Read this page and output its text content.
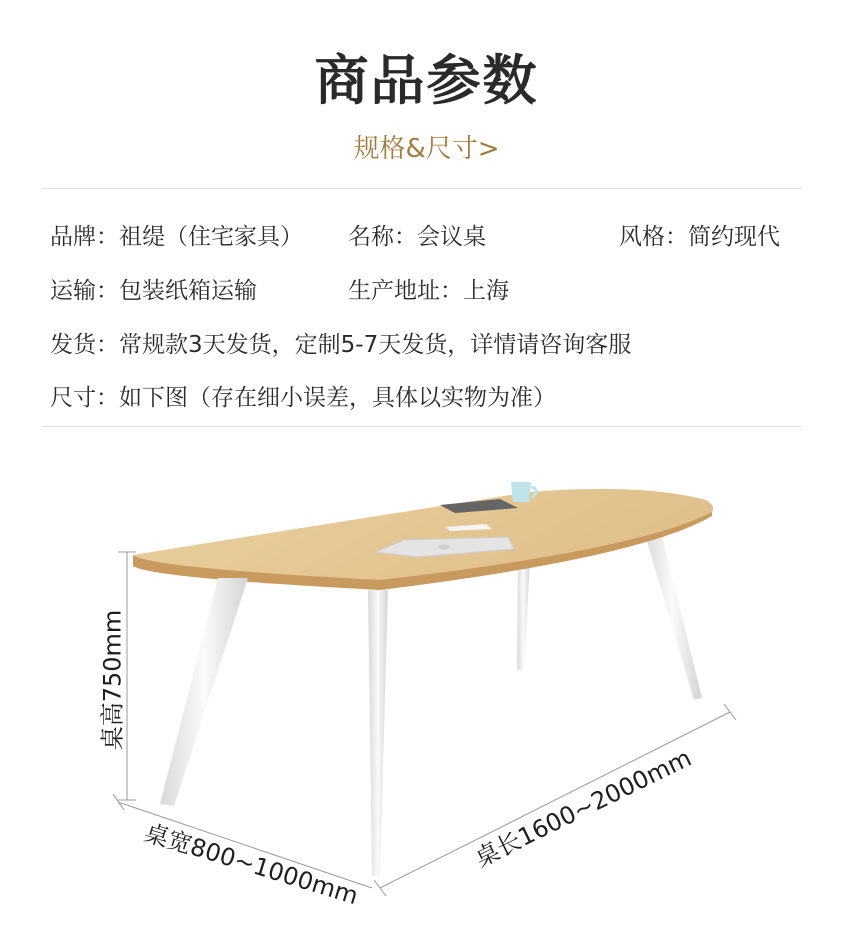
商品参数
规格&尺寸>
品牌：祖缇（住宅家具） 名称：会议桌	风格：简约现代
运输：包装纸箱运输	生产地址：上海
发货：常规款3天发货，定制5-7天发货，详情请咨询客服
尺寸：如下图（存在细小误差，具体以实物为准）
桌高750mm
桌宽800~1000mm	桌长1600~2000mm
